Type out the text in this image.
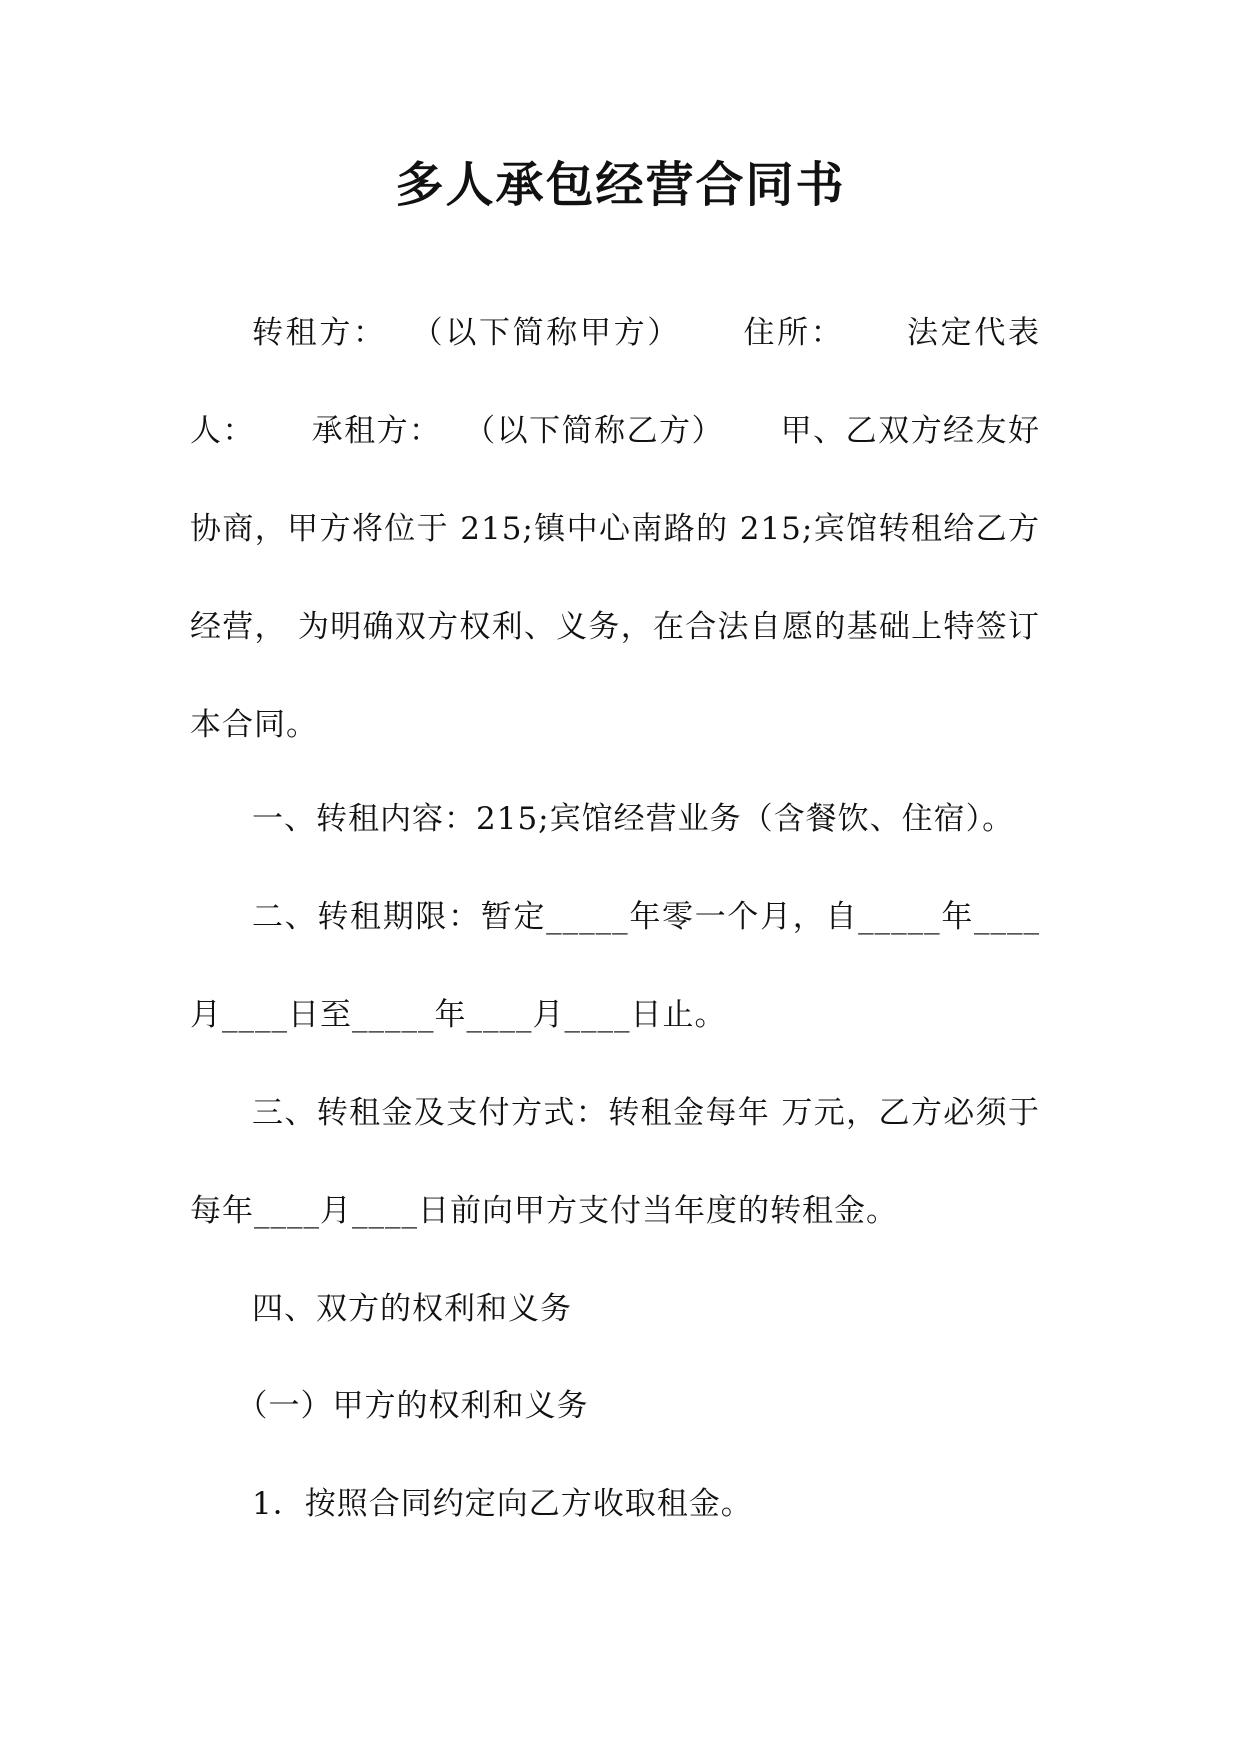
多人承包经营合同书

转租方：  （以下简称甲方）     住所：     法定代表人：     承租方：  （以下简称乙方）     甲、乙双方经友好协商，甲方将位于 215;镇中心南路的 215;宾馆转租给乙方经营， 为明确双方权利、义务，在合法自愿的基础上特签订本合同。

一、转租内容：215;宾馆经营业务（含餐饮、住宿）。

二、转租期限：暂定_____年零一个月，自_____年____月____日至_____年____月____日止。

三、转租金及支付方式：转租金每年 万元，乙方必须于每年____月____日前向甲方支付当年度的转租金。

四、双方的权利和义务

（一）甲方的权利和义务

1．按照合同约定向乙方收取租金。
